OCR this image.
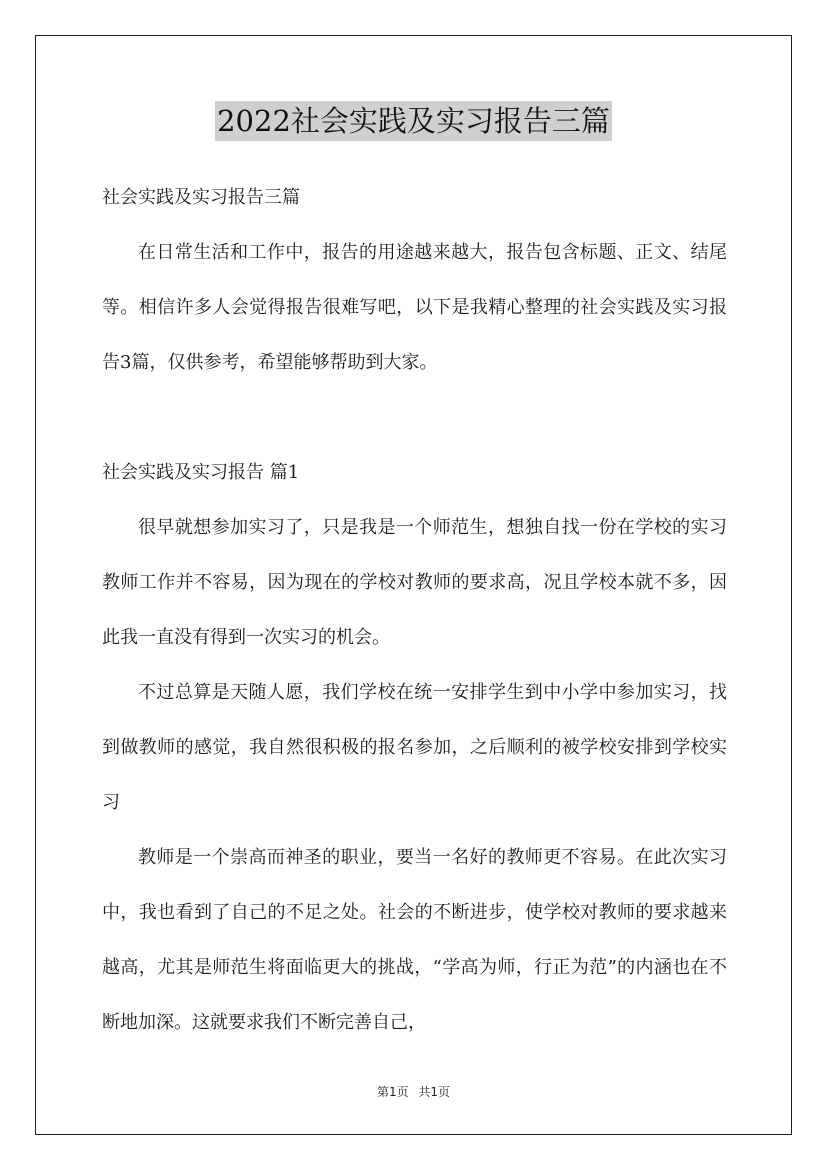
2022社会实践及实习报告三篇

社会实践及实习报告三篇

在日常生活和工作中，报告的用途越来越大，报告包含标题、正文、结尾等。相信许多人会觉得报告很难写吧，以下是我精心整理的社会实践及实习报告3篇，仅供参考，希望能够帮助到大家。

社会实践及实习报告 篇1

很早就想参加实习了，只是我是一个师范生，想独自找一份在学校的实习教师工作并不容易，因为现在的学校对教师的要求高，况且学校本就不多，因此我一直没有得到一次实习的机会。

不过总算是天随人愿，我们学校在统一安排学生到中小学中参加实习，找到做教师的感觉，我自然很积极的报名参加，之后顺利的被学校安排到学校实习

教师是一个崇高而神圣的职业，要当一名好的教师更不容易。在此次实习中，我也看到了自己的不足之处。社会的不断进步，使学校对教师的要求越来越高，尤其是师范生将面临更大的挑战，“学高为师，行正为范”的内涵也在不断地加深。这就要求我们不断完善自己，

第1页 共1页
